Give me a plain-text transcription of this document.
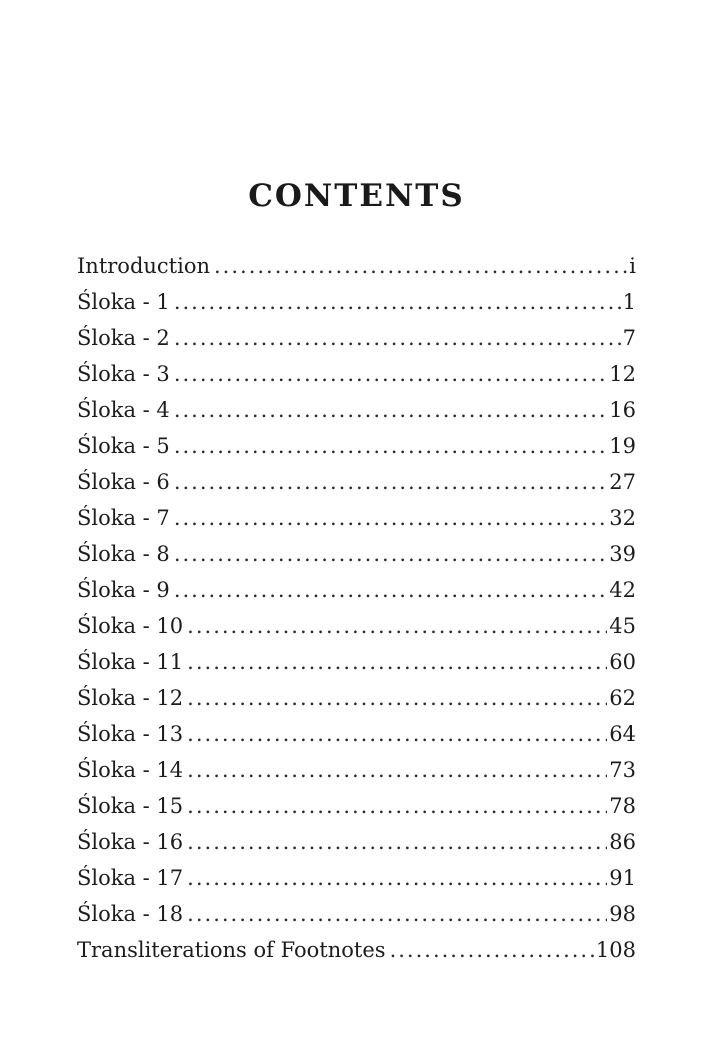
CONTENTS
Introduction .....	i
Śloka - 1 .....	1
Śloka - 2 .....	7
Śloka - 3 .....	12
Śloka - 4 .....	16
Śloka - 5 .....	19
Śloka - 6 .....	27
Śloka - 7 .....	32
Śloka - 8 .....	39
Śloka - 9 .....	42
Śloka - 10 .....	45
Śloka - 11 .....	60
Śloka - 12 .....	62
Śloka - 13 .....	64
Śloka - 14 .....	73
Śloka - 15 .....	78
Śloka - 16 .....	86
Śloka - 17 .....	91
Śloka - 18 .....	98
Transliterations of Footnotes .....	108
